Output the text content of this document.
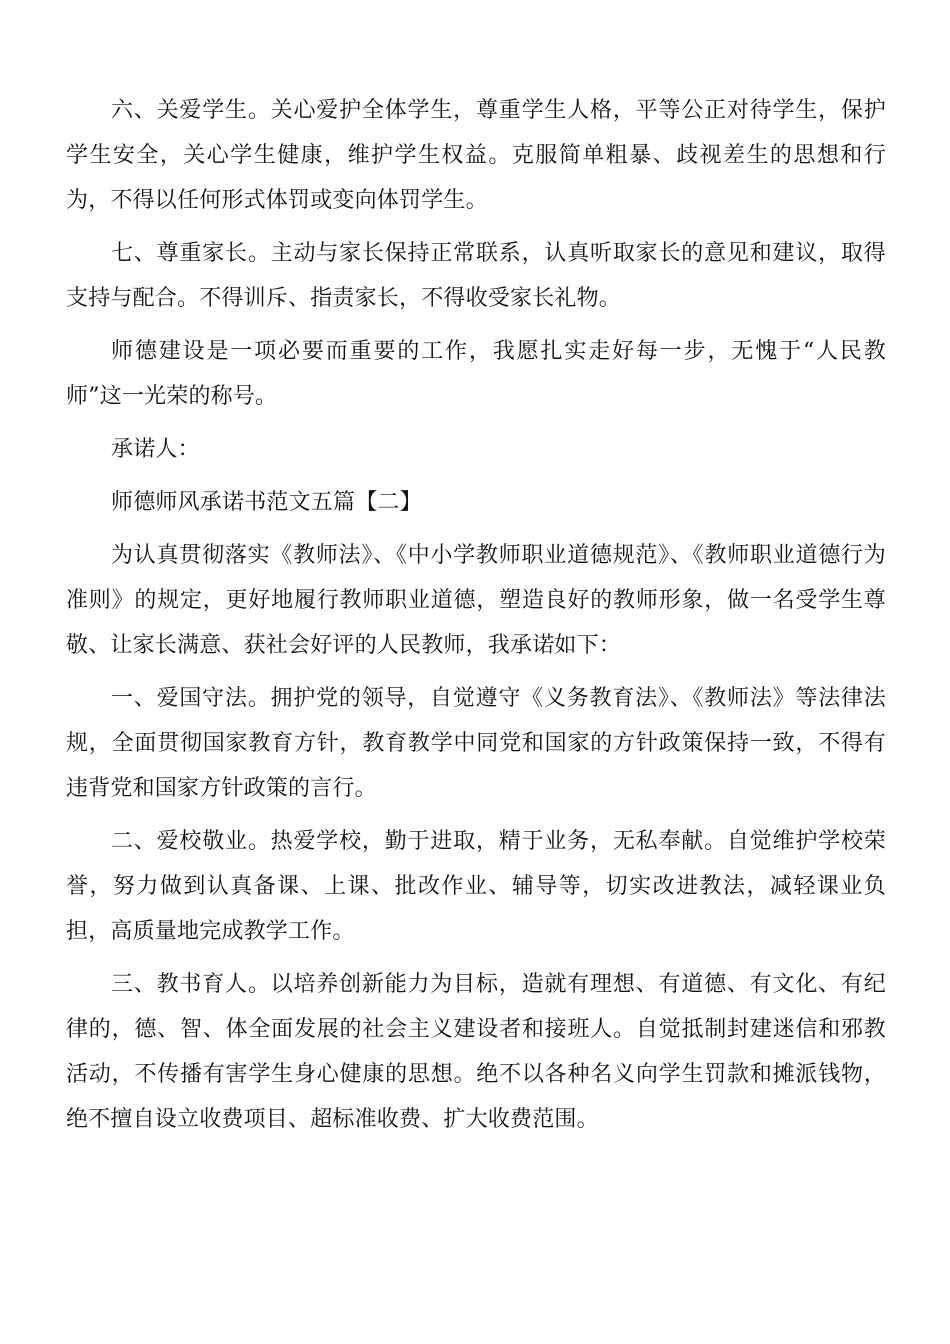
六、关爱学生。关心爱护全体学生，尊重学生人格，平等公正对待学生，保护学生安全，关心学生健康，维护学生权益。克服简单粗暴、歧视差生的思想和行为，不得以任何形式体罚或变向体罚学生。

七、尊重家长。主动与家长保持正常联系，认真听取家长的意见和建议，取得支持与配合。不得训斥、指责家长，不得收受家长礼物。

师德建设是一项必要而重要的工作，我愿扎实走好每一步，无愧于“人民教师”这一光荣的称号。

承诺人：

师德师风承诺书范文五篇【二】

为认真贯彻落实《教师法》、《中小学教师职业道德规范》、《教师职业道德行为准则》的规定，更好地履行教师职业道德，塑造良好的教师形象，做一名受学生尊敬、让家长满意、获社会好评的人民教师，我承诺如下：

一、爱国守法。拥护党的领导，自觉遵守《义务教育法》、《教师法》等法律法规，全面贯彻国家教育方针，教育教学中同党和国家的方针政策保持一致，不得有违背党和国家方针政策的言行。

二、爱校敬业。热爱学校，勤于进取，精于业务，无私奉献。自觉维护学校荣誉，努力做到认真备课、上课、批改作业、辅导等，切实改进教法，减轻课业负担，高质量地完成教学工作。

三、教书育人。以培养创新能力为目标，造就有理想、有道德、有文化、有纪律的，德、智、体全面发展的社会主义建设者和接班人。自觉抵制封建迷信和邪教活动，不传播有害学生身心健康的思想。绝不以各种名义向学生罚款和摊派钱物，绝不擅自设立收费项目、超标准收费、扩大收费范围。
